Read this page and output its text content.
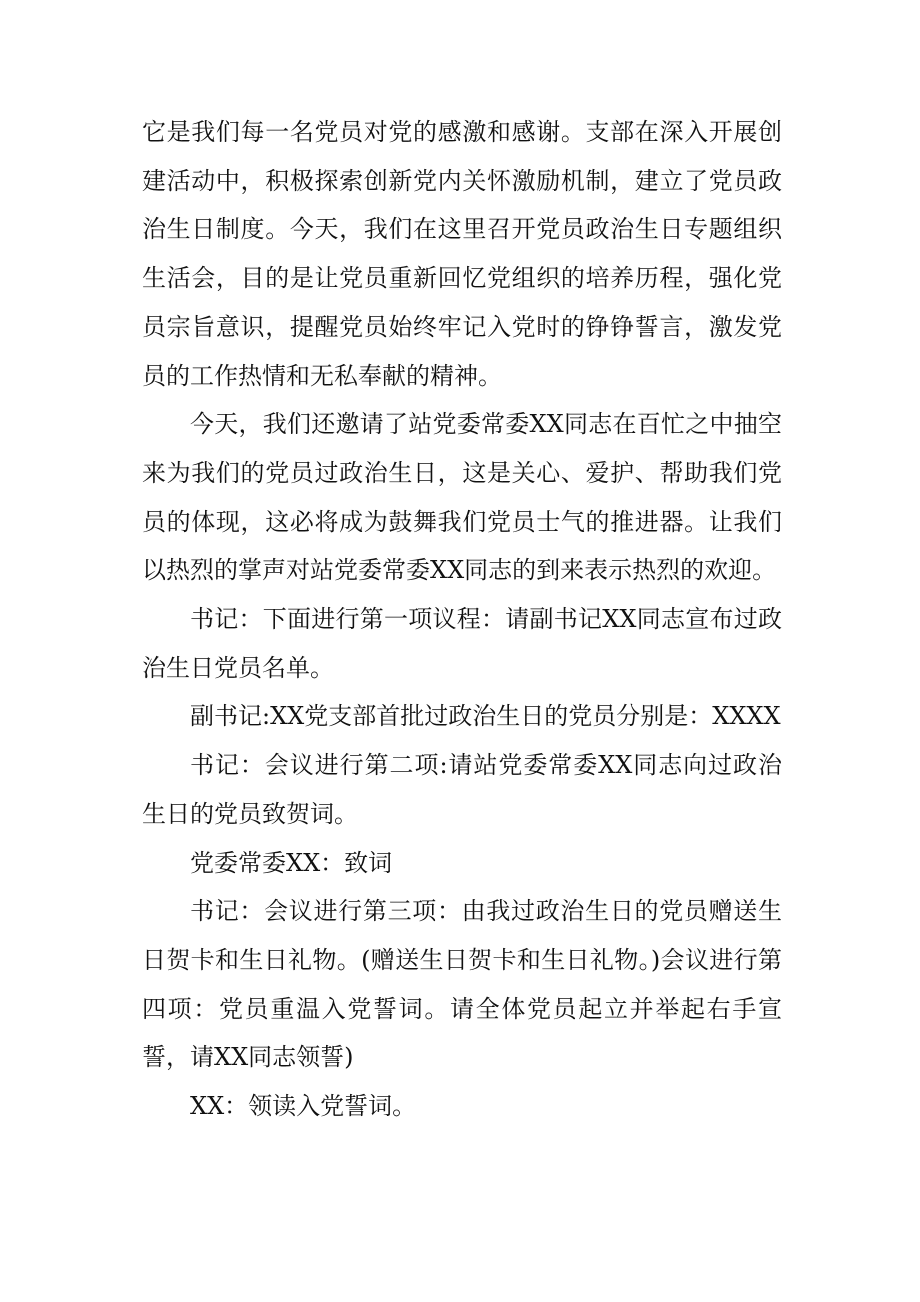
它是我们每一名党员对党的感激和感谢。支部在深入开展创建活动中，积极探索创新党内关怀激励机制，建立了党员政治生日制度。今天，我们在这里召开党员政治生日专题组织生活会，目的是让党员重新回忆党组织的培养历程，强化党员宗旨意识，提醒党员始终牢记入党时的铮铮誓言，激发党员的工作热情和无私奉献的精神。

今天，我们还邀请了站党委常委XX同志在百忙之中抽空来为我们的党员过政治生日，这是关心、爱护、帮助我们党员的体现，这必将成为鼓舞我们党员士气的推进器。让我们以热烈的掌声对站党委常委XX同志的到来表示热烈的欢迎。

书记：下面进行第一项议程：请副书记XX同志宣布过政治生日党员名单。

副书记:XX党支部首批过政治生日的党员分别是：XXXX

书记：会议进行第二项:请站党委常委XX同志向过政治生日的党员致贺词。

党委常委XX：致词

书记：会议进行第三项：由我过政治生日的党员赠送生日贺卡和生日礼物。(赠送生日贺卡和生日礼物。)会议进行第四项：党员重温入党誓词。请全体党员起立并举起右手宣誓，请XX同志领誓)

XX：领读入党誓词。
